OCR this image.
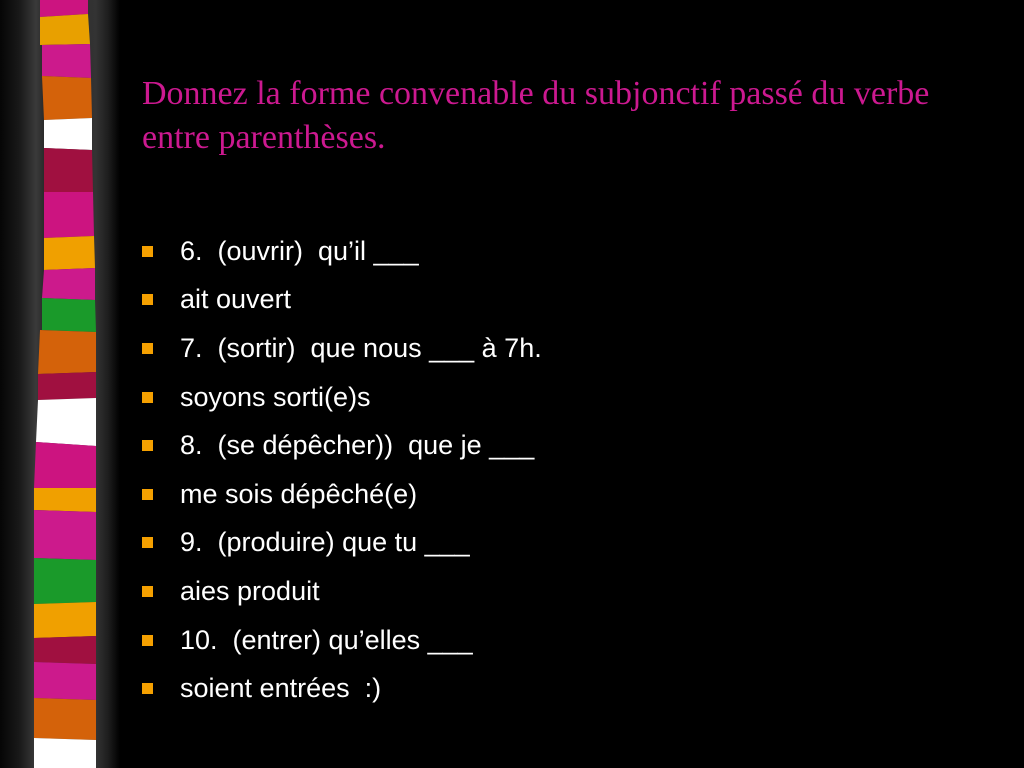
Donnez la forme convenable du subjonctif passé du verbe entre parenthèses.
6.  (ouvrir)  qu’il ___
ait ouvert
7.  (sortir)  que nous ___ à 7h.
soyons sorti(e)s
8.  (se dépêcher))  que je ___
me sois dépêché(e)
9.  (produire) que tu ___
aies produit
10.  (entrer) qu’elles ___
soient entrées  :)
